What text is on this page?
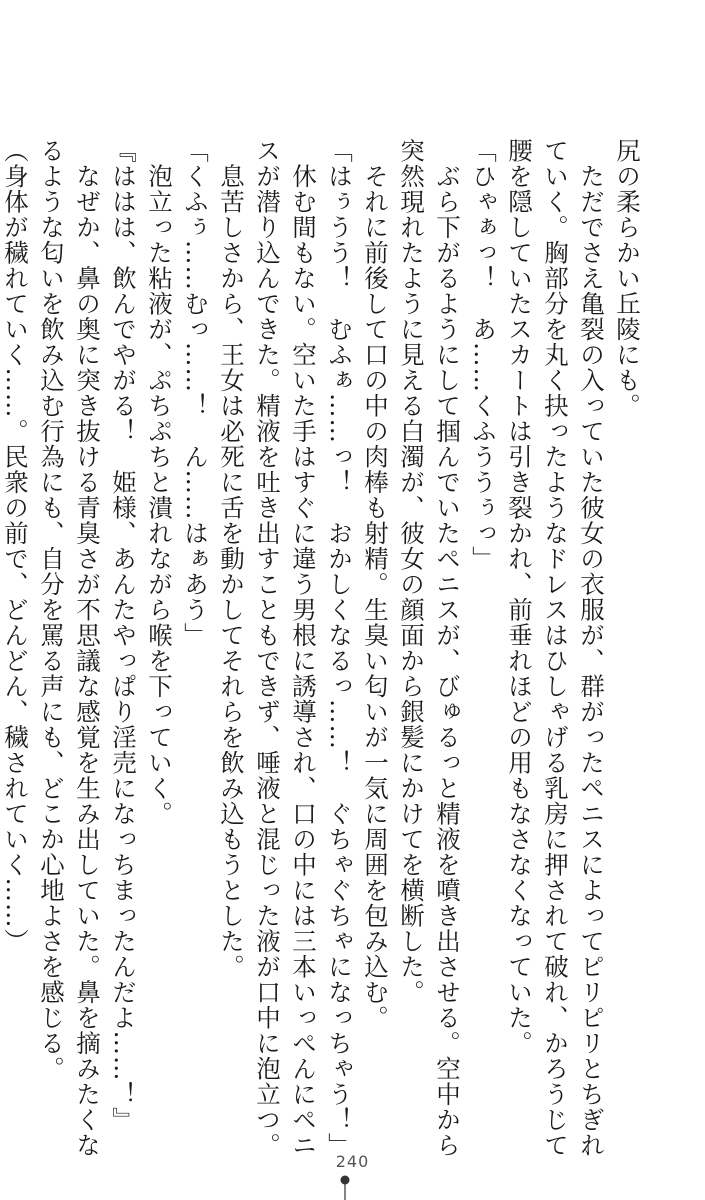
尻の柔らかい丘陵にも。
　ただでさえ亀裂の入っていた彼女の衣服が、群がったペニスによってピリピリとちぎれ
ていく。胸部分を丸く抉ったようなドレスはひしゃげる乳房に押されて破れ、かろうじて
腰を隠していたスカートは引き裂かれ、前垂れほどの用もなさなくなっていた。
「ひゃぁっ！　あ……くふううぅっ」
　ぶら下がるようにして掴んでいたペニスが、びゅるっと精液を噴き出させる。空中から
突然現れたように見える白濁が、彼女の顔面から銀髪にかけてを横断した。
　それに前後して口の中の肉棒も射精。生臭い匂いが一気に周囲を包み込む。
「はぅうう！　むふぁ……っ！　おかしくなるっ……！　ぐちゃぐちゃになっちゃう！」
　休む間もない。空いた手はすぐに違う男根に誘導され、口の中には三本いっぺんにペニ
スが潜り込んできた。精液を吐き出すこともできず、唾液と混じった液が口中に泡立つ。
　息苦しさから、王女は必死に舌を動かしてそれらを飲み込もうとした。
「くふぅ……むっ……！　ん……はぁあう」
　泡立った粘液が、ぷちぷちと潰れながら喉を下っていく。
『ははは、飲んでやがる！　姫様、あんたやっぱり淫売になっちまったんだよ……！』
　なぜか、鼻の奥に突き抜ける青臭さが不思議な感覚を生み出していた。鼻を摘みたくな
るような匂いを飲み込む行為にも、自分を罵る声にも、どこか心地よさを感じる。
（身体が穢れていく……。民衆の前で、どんどん、穢されていく……）
240
